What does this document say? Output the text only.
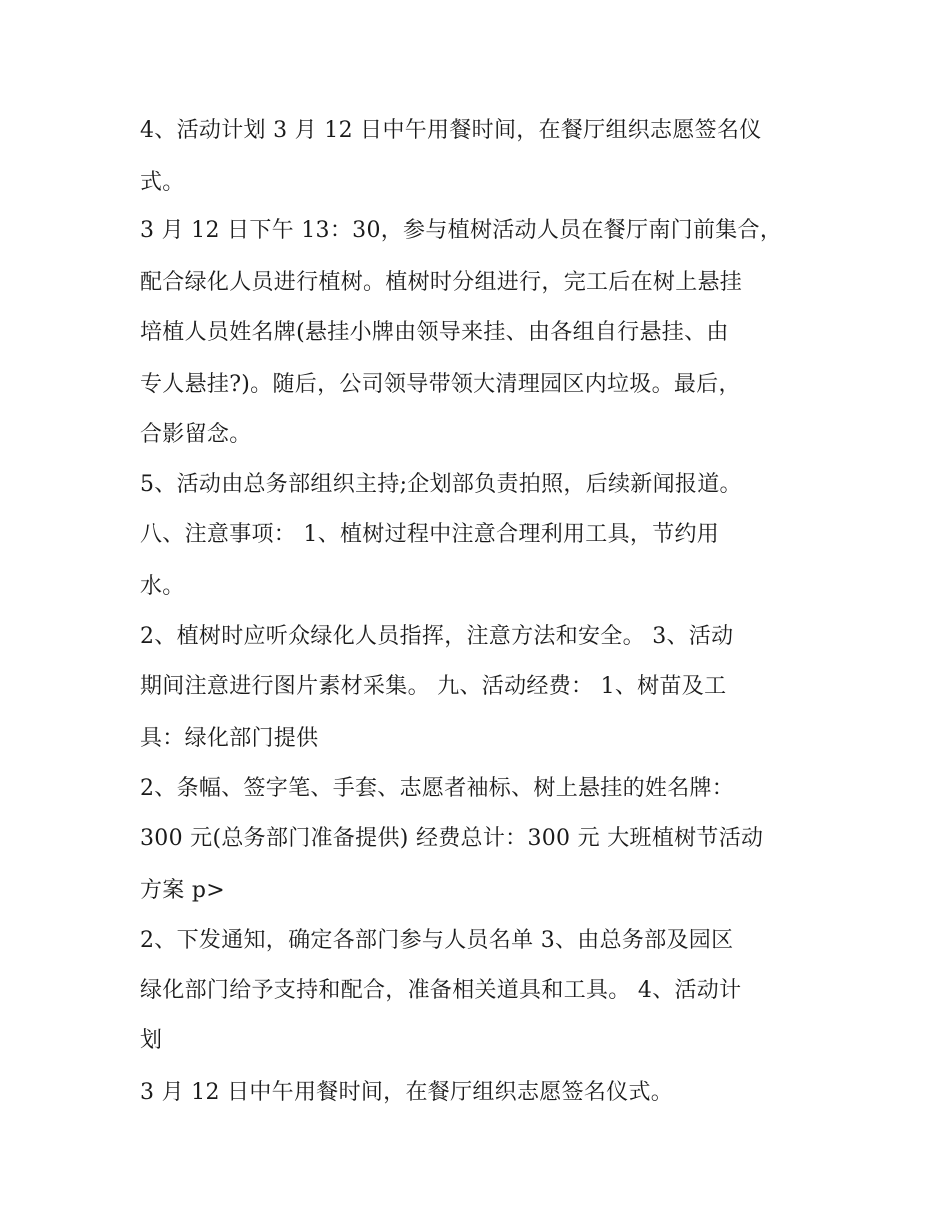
4、活动计划 3 月 12 日中午用餐时间，在餐厅组织志愿签名仪
式。
3 月 12 日下午 13：30，参与植树活动人员在餐厅南门前集合，
配合绿化人员进行植树。植树时分组进行，完工后在树上悬挂
培植人员姓名牌(悬挂小牌由领导来挂、由各组自行悬挂、由
专人悬挂?)。随后，公司领导带领大清理园区内垃圾。最后，
合影留念。
5、活动由总务部组织主持;企划部负责拍照，后续新闻报道。
八、注意事项： 1、植树过程中注意合理利用工具，节约用
水。
2、植树时应听众绿化人员指挥，注意方法和安全。 3、活动
期间注意进行图片素材采集。 九、活动经费： 1、树苗及工
具：绿化部门提供
2、条幅、签字笔、手套、志愿者袖标、树上悬挂的姓名牌：
300 元(总务部门准备提供) 经费总计：300 元 大班植树节活动
方案 p>
2、下发通知，确定各部门参与人员名单 3、由总务部及园区
绿化部门给予支持和配合，准备相关道具和工具。 4、活动计
划
3 月 12 日中午用餐时间，在餐厅组织志愿签名仪式。
